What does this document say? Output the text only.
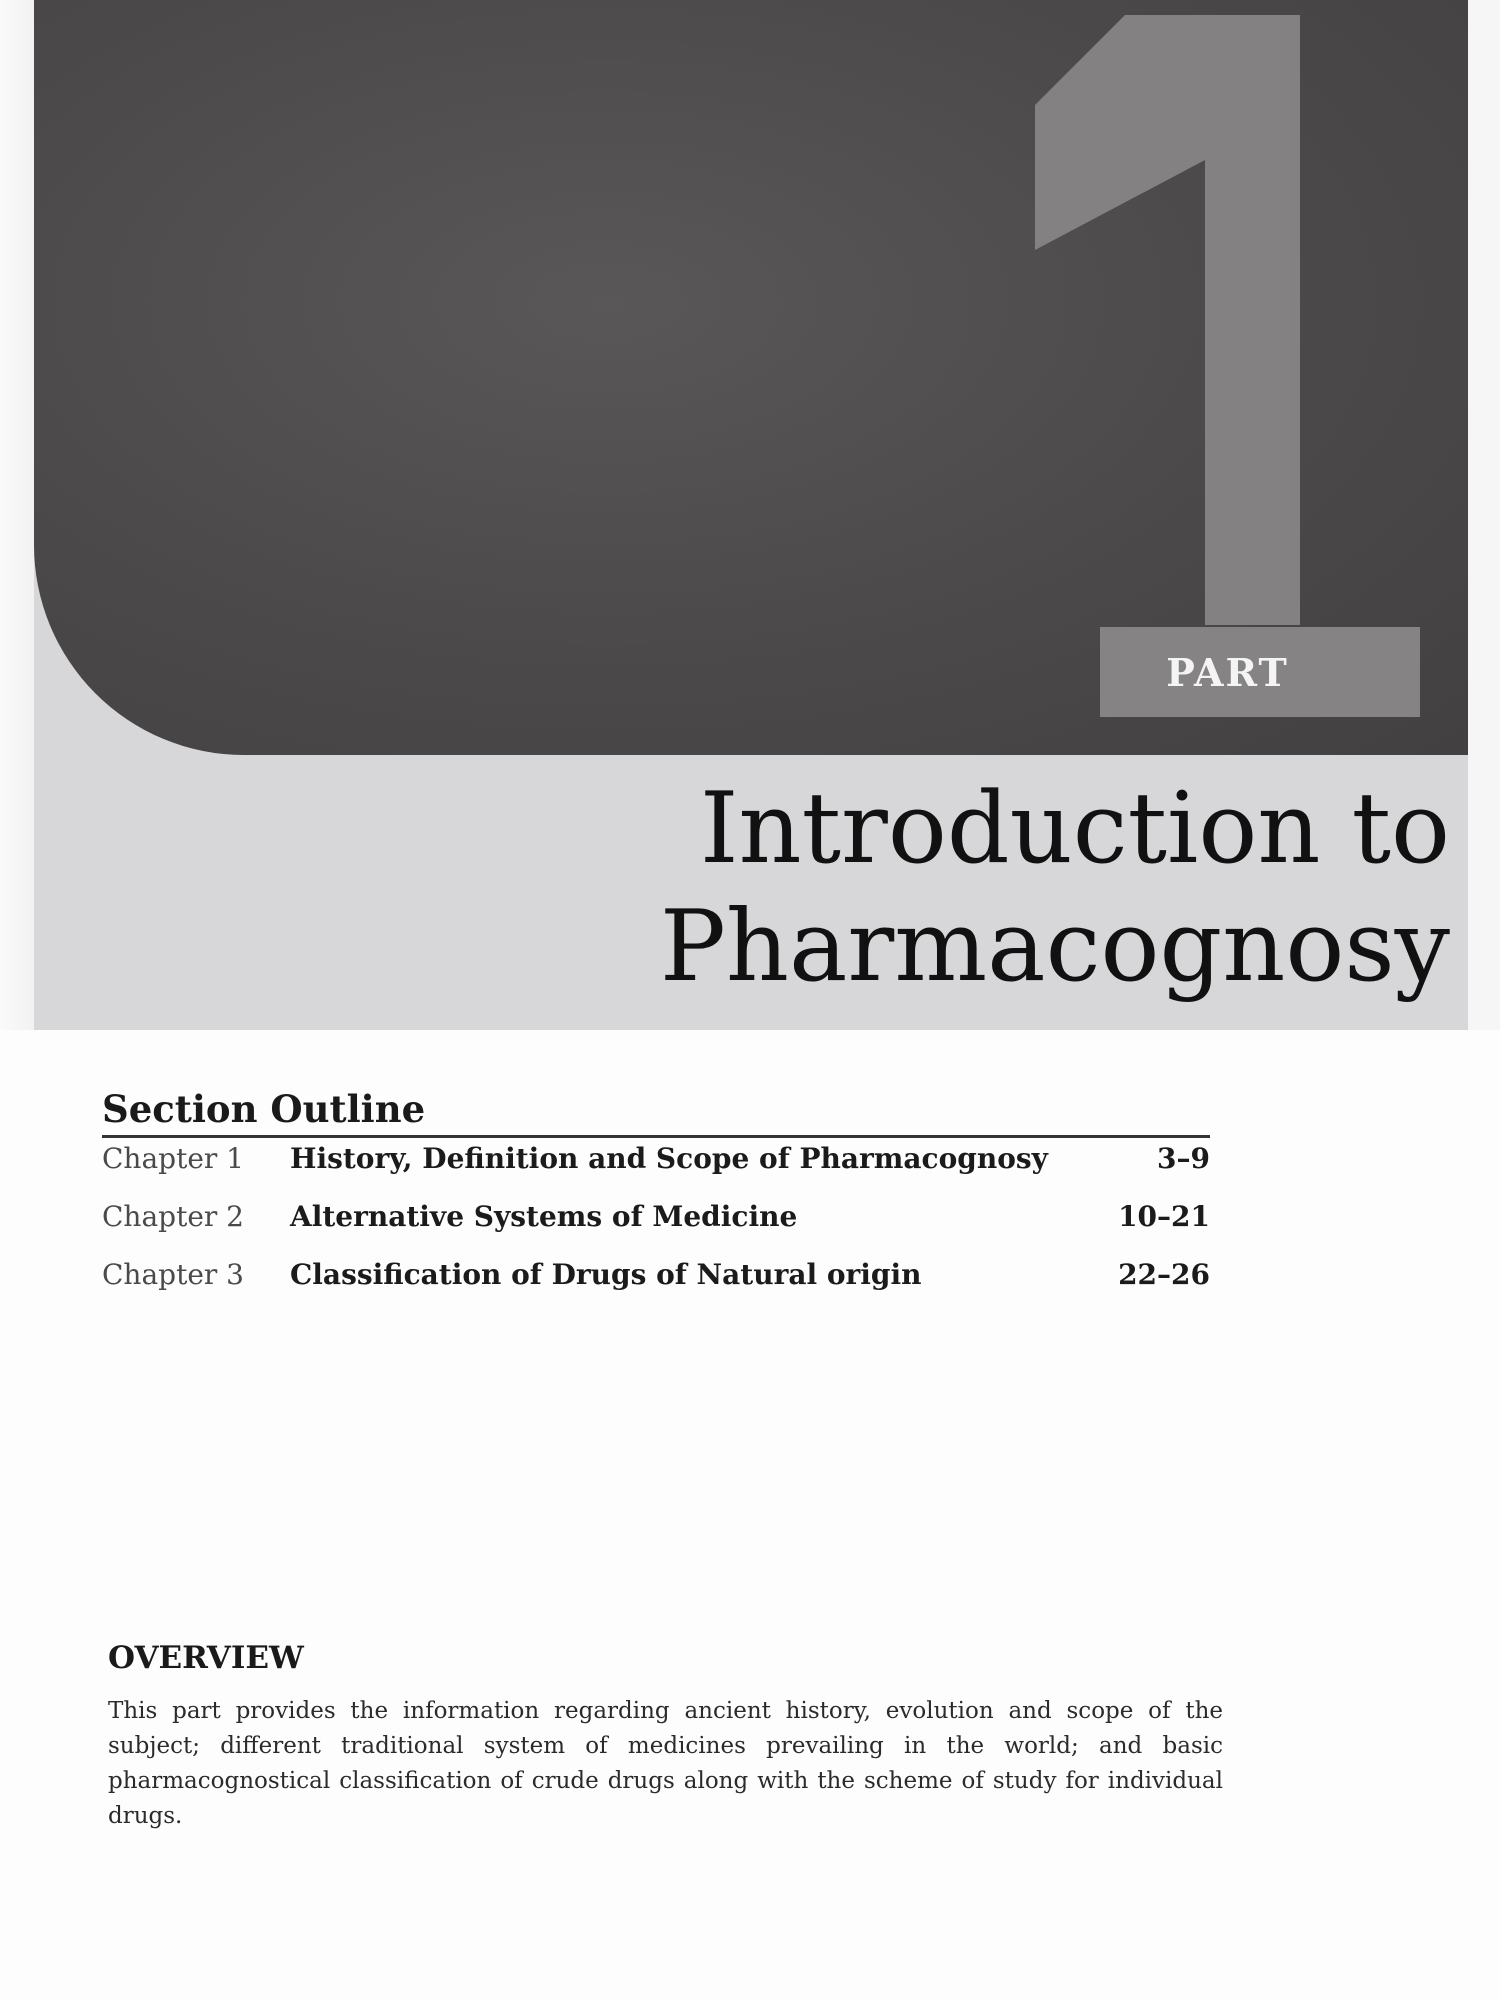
PART
Introduction to
Pharmacognosy
Section Outline
Chapter 1	History, Definition and Scope of Pharmacognosy	3–9
Chapter 2	Alternative Systems of Medicine	10–21
Chapter 3	Classification of Drugs of Natural origin	22–26
OVERVIEW
This part provides the information regarding ancient history, evolution and scope of the subject; different traditional system of medicines prevailing in the world; and basic pharmacognostical classification of crude drugs along with the scheme of study for individual drugs.
